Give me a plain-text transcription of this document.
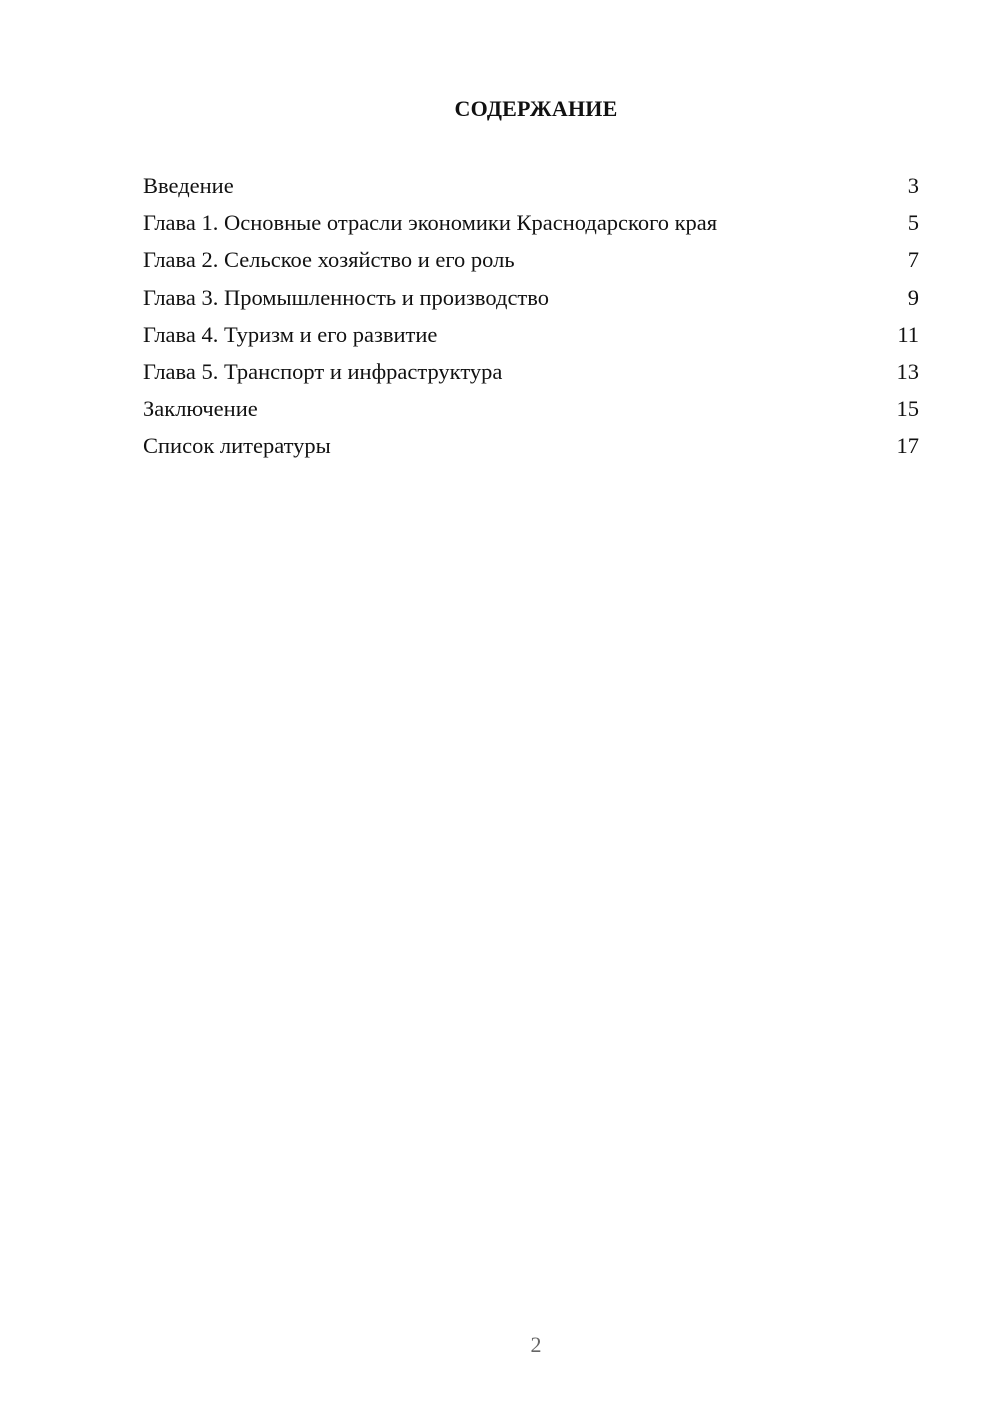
СОДЕРЖАНИЕ
Введение	3
Глава 1. Основные отрасли экономики Краснодарского края	5
Глава 2. Сельское хозяйство и его роль	7
Глава 3. Промышленность и производство	9
Глава 4. Туризм и его развитие	11
Глава 5. Транспорт и инфраструктура	13
Заключение	15
Список литературы	17
2
